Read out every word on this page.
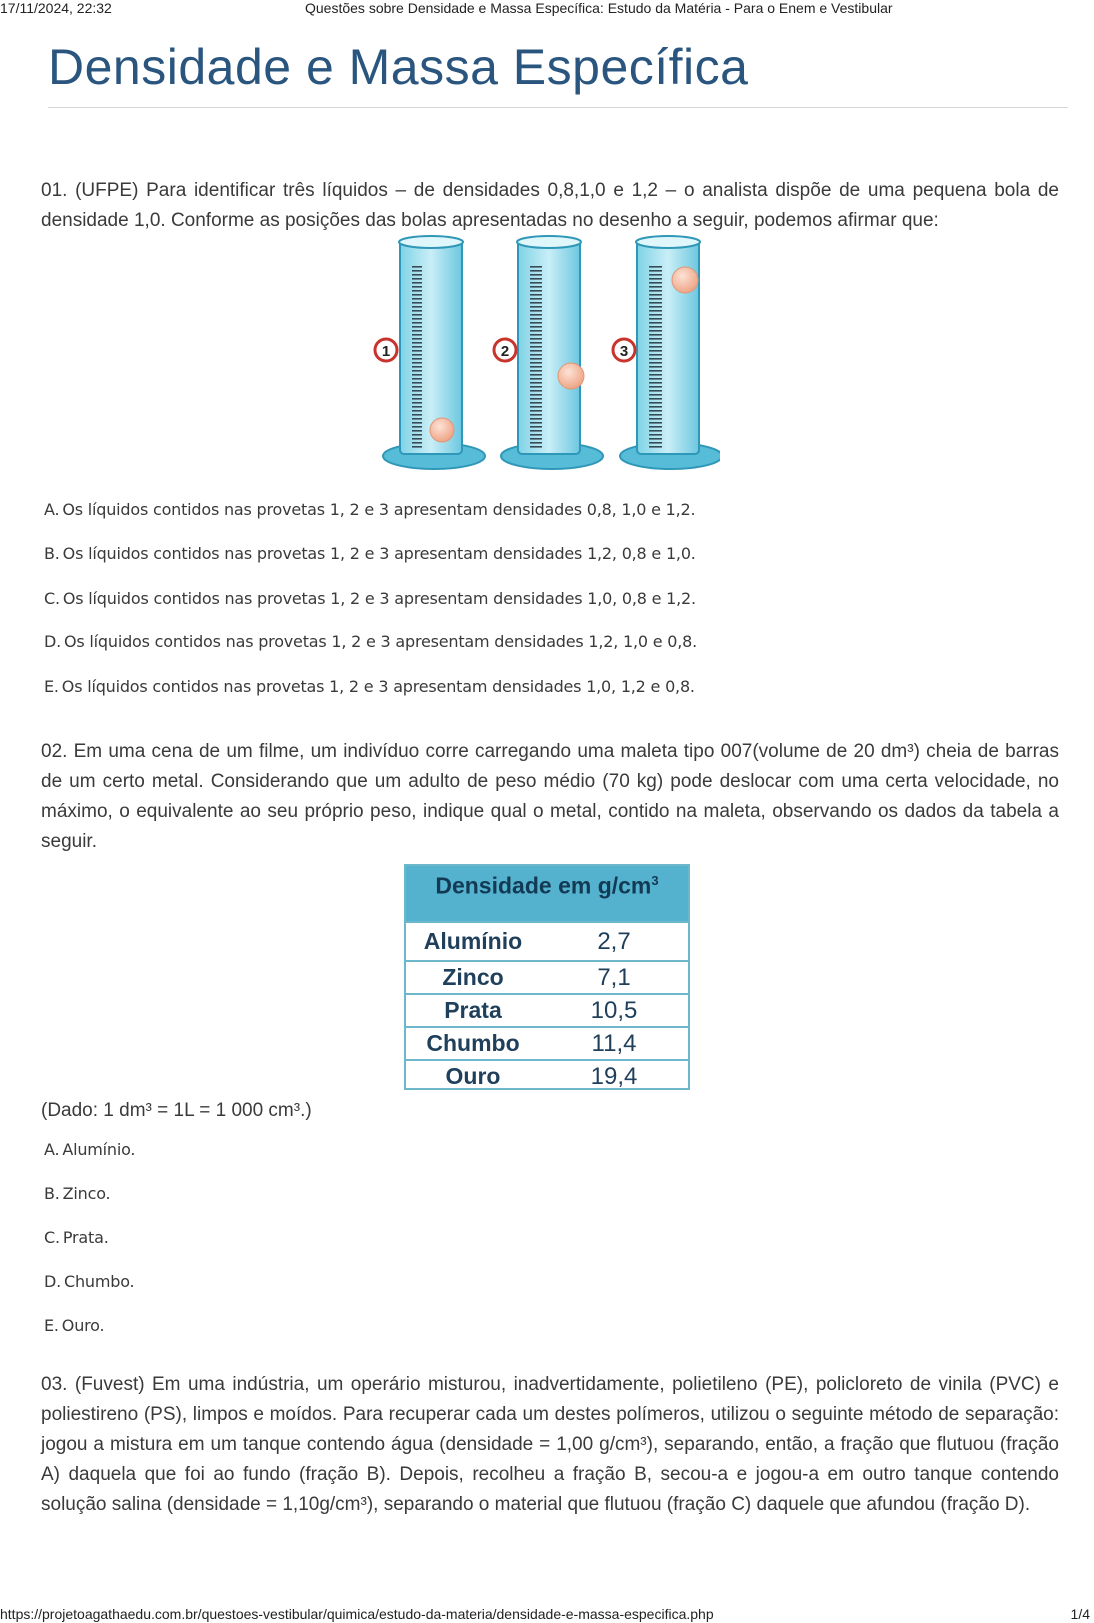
17/11/2024, 22:32	Questões sobre Densidade e Massa Específica: Estudo da Matéria - Para o Enem e Vestibular
Densidade e Massa Específica

01. (UFPE) Para identificar três líquidos – de densidades 0,8,1,0 e 1,2 – o analista dispõe de uma pequena bola de densidade 1,0. Conforme as posições das bolas apresentadas no desenho a seguir, podemos afirmar que:

1	2	3
A. Os líquidos contidos nas provetas 1, 2 e 3 apresentam densidades 0,8, 1,0 e 1,2.
B. Os líquidos contidos nas provetas 1, 2 e 3 apresentam densidades 1,2, 0,8 e 1,0.
C. Os líquidos contidos nas provetas 1, 2 e 3 apresentam densidades 1,0, 0,8 e 1,2.
D. Os líquidos contidos nas provetas 1, 2 e 3 apresentam densidades 1,2, 1,0 e 0,8.
E. Os líquidos contidos nas provetas 1, 2 e 3 apresentam densidades 1,0, 1,2 e 0,8.

02. Em uma cena de um filme, um indivíduo corre carregando uma maleta tipo 007(volume de 20 dm³) cheia de barras de um certo metal. Considerando que um adulto de peso médio (70 kg) pode deslocar com uma certa velocidade, no máximo, o equivalente ao seu próprio peso, indique qual o metal, contido na maleta, observando os dados da tabela a seguir.

Densidade em $g/cm^3$
Alumínio	2,7
Zinco	7,1
Prata	10,5
Chumbo	11,4
Ouro	19,4

(Dado: 1 dm³ = 1L = 1 000 cm³.)

A. Alumínio.
B. Zinco.
C. Prata.
D. Chumbo.
E. Ouro.

03. (Fuvest) Em uma indústria, um operário misturou, inadvertidamente, polietileno (PE), policloreto de vinila (PVC) e poliestireno (PS), limpos e moídos. Para recuperar cada um destes polímeros, utilizou o seguinte método de separação: jogou a mistura em um tanque contendo água (densidade = 1,00 g/cm³), separando, então, a fração que flutuou (fração A) daquela que foi ao fundo (fração B). Depois, recolheu a fração B, secou-a e jogou-a em outro tanque contendo solução salina (densidade = 1,10g/cm³), separando o material que flutuou (fração C) daquele que afundou (fração D).

https://projetoagathaedu.com.br/questoes-vestibular/quimica/estudo-da-materia/densidade-e-massa-especifica.php	1/4
